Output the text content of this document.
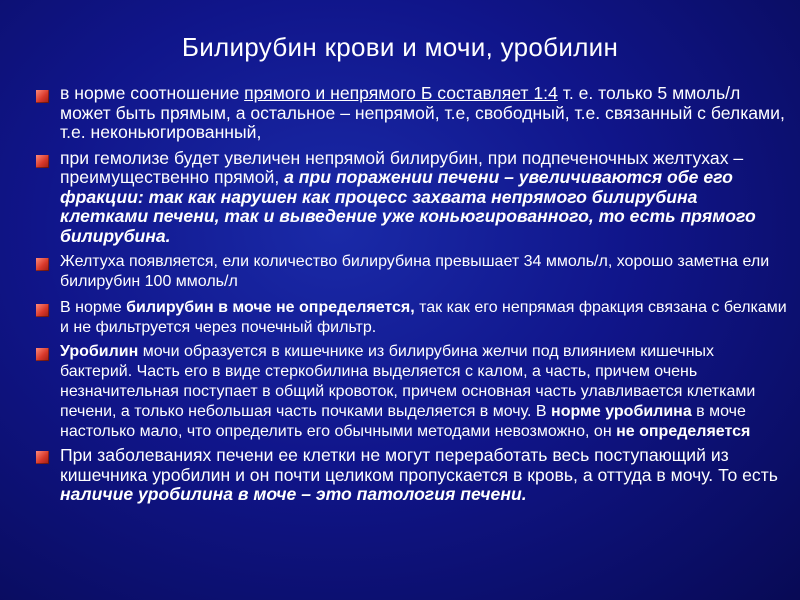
Билирубин крови и мочи, уробилин

в норме соотношение прямого и непрямого Б составляет 1:4 т. е. только 5 ммоль/л может быть прямым, а остальное – непрямой, т.е, свободный, т.е. связанный с белками, т.е. неконьюгированный,

при гемолизе будет увеличен непрямой билирубин, при подпеченочных желтухах – преимущественно прямой, а при поражении печени – увеличиваются обе его фракции: так как нарушен как процесс захвата непрямого билирубина клетками печени, так и выведение уже коньюгированного, то есть прямого билирубина.

Желтуха появляется, ели количество билирубина превышает 34 ммоль/л, хорошо заметна ели билирубин 100 ммоль/л

В норме билирубин в моче не определяется, так как его непрямая фракция связана с белками и не фильтруется через почечный фильтр.

Уробилин мочи образуется в кишечнике из билирубина желчи под влиянием кишечных бактерий. Часть его в виде стеркобилина выделяется с калом, а часть, причем очень незначительная поступает в общий кровоток, причем основная часть улавливается клетками печени, а только небольшая часть почками выделяется в мочу. В норме уробилина в моче настолько мало, что определить его обычными методами невозможно, он не определяется

При заболеваниях печени ее клетки не могут переработать весь поступающий из кишечника уробилин и он почти целиком пропускается в кровь, а оттуда в мочу. То есть наличие уробилина в моче – это патология печени.
